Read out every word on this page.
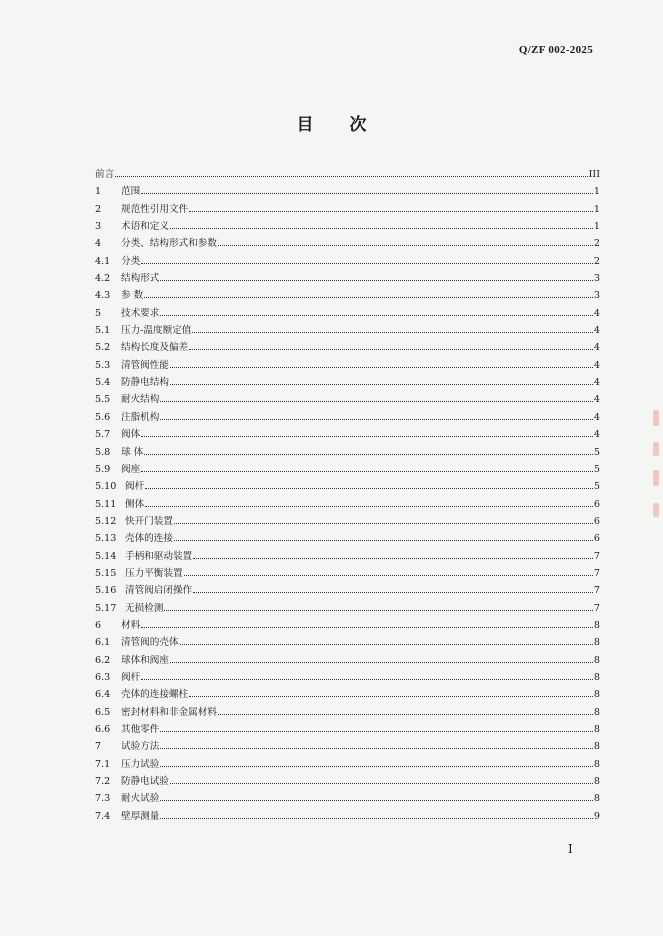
Q/ZF 002-2025
目 次
前言	III
1	范围	1
2	规范性引用文件	1
3	术语和定义	1
4	分类、结构形式和参数	2
4.1	分类	2
4.2	结构形式	3
4.3	参 数	3
5	技术要求	4
5.1	压力-温度额定值	4
5.2	结构长度及偏差	4
5.3	清管阀性能	4
5.4	防静电结构	4
5.5	耐火结构	4
5.6	注脂机构	4
5.7	阀体	4
5.8	球 体	5
5.9	阀座	5
5.10 阀杆	5
5.11 侧体	6
5.12 快开门装置	6
5.13 壳体的连接	6
5.14 手柄和驱动装置	7
5.15 压力平衡装置	7
5.16 清管阀启闭操作	7
5.17 无损检测	7
6	材料	8
6.1	清管阀的壳体	8
6.2	球体和阀座	8
6.3	阀杆	8
6.4	壳体的连接螺柱	8
6.5	密封材料和非金属材料	8
6.6	其他零件	8
7	试验方法	8
7.1	压力试验	8
7.2	防静电试验	8
7.3	耐火试验	8
7.4	壁厚测量	9
I
